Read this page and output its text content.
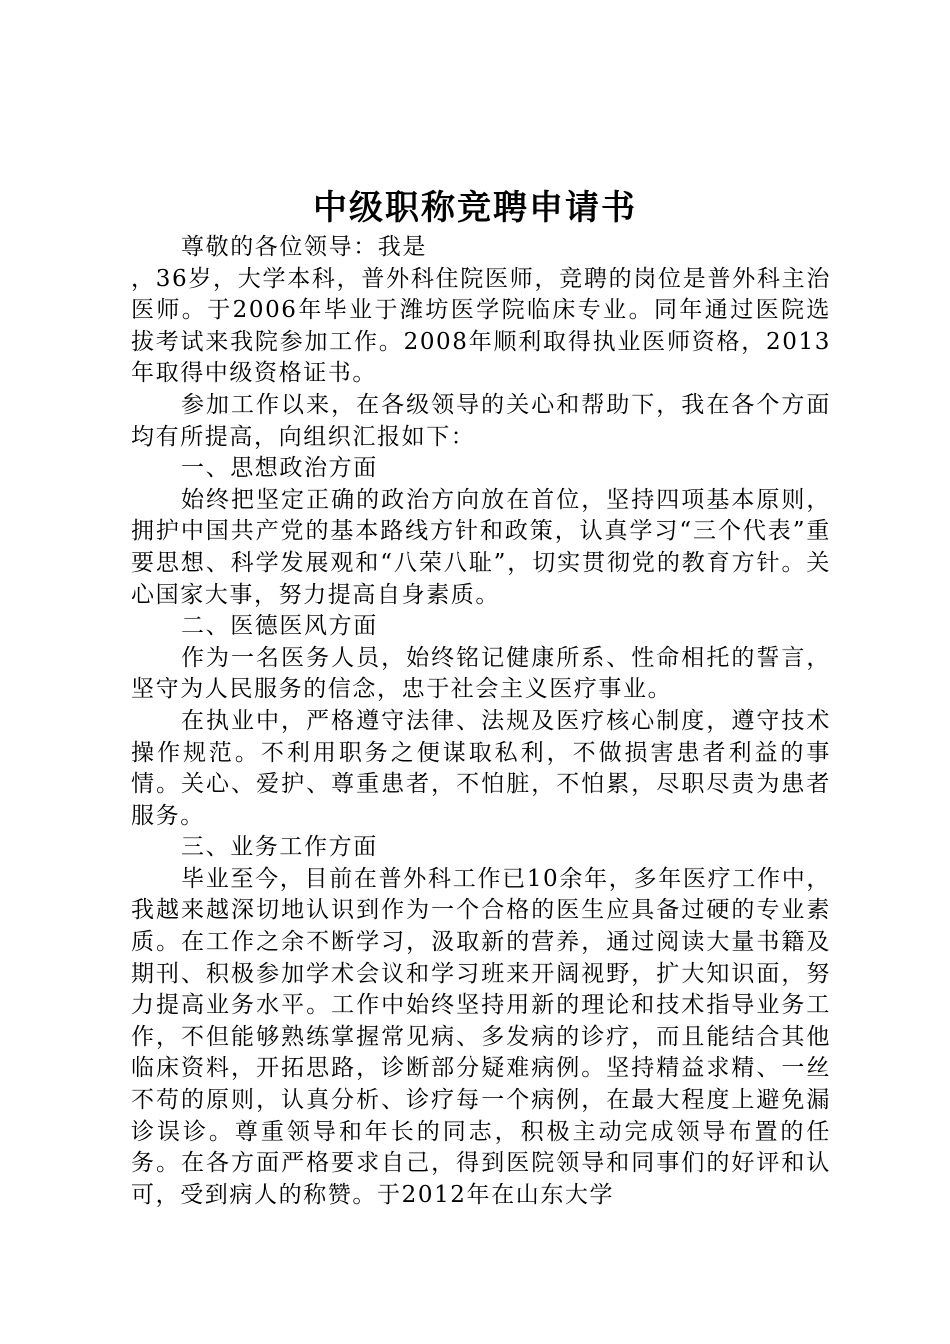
中级职称竞聘申请书

尊敬的各位领导：我是

，36岁，大学本科，普外科住院医师，竞聘的岗位是普外科主治医师。于2006年毕业于潍坊医学院临床专业。同年通过医院选拔考试来我院参加工作。2008年顺利取得执业医师资格，2013年取得中级资格证书。

参加工作以来，在各级领导的关心和帮助下，我在各个方面均有所提高，向组织汇报如下：

一、思想政治方面

始终把坚定正确的政治方向放在首位，坚持四项基本原则，拥护中国共产党的基本路线方针和政策，认真学习“三个代表”重要思想、科学发展观和“八荣八耻”，切实贯彻党的教育方针。关心国家大事，努力提高自身素质。

二、医德医风方面

作为一名医务人员，始终铭记健康所系、性命相托的誓言，坚守为人民服务的信念，忠于社会主义医疗事业。

在执业中，严格遵守法律、法规及医疗核心制度，遵守技术操作规范。不利用职务之便谋取私利，不做损害患者利益的事情。关心、爱护、尊重患者，不怕脏，不怕累，尽职尽责为患者服务。

三、业务工作方面

毕业至今，目前在普外科工作已10余年，多年医疗工作中，我越来越深切地认识到作为一个合格的医生应具备过硬的专业素质。在工作之余不断学习，汲取新的营养，通过阅读大量书籍及期刊、积极参加学术会议和学习班来开阔视野，扩大知识面，努力提高业务水平。工作中始终坚持用新的理论和技术指导业务工作，不但能够熟练掌握常见病、多发病的诊疗，而且能结合其他临床资料，开拓思路，诊断部分疑难病例。坚持精益求精、一丝不苟的原则，认真分析、诊疗每一个病例，在最大程度上避免漏诊误诊。尊重领导和年长的同志，积极主动完成领导布置的任务。在各方面严格要求自己，得到医院领导和同事们的好评和认可，受到病人的称赞。于2012年在山东大学
